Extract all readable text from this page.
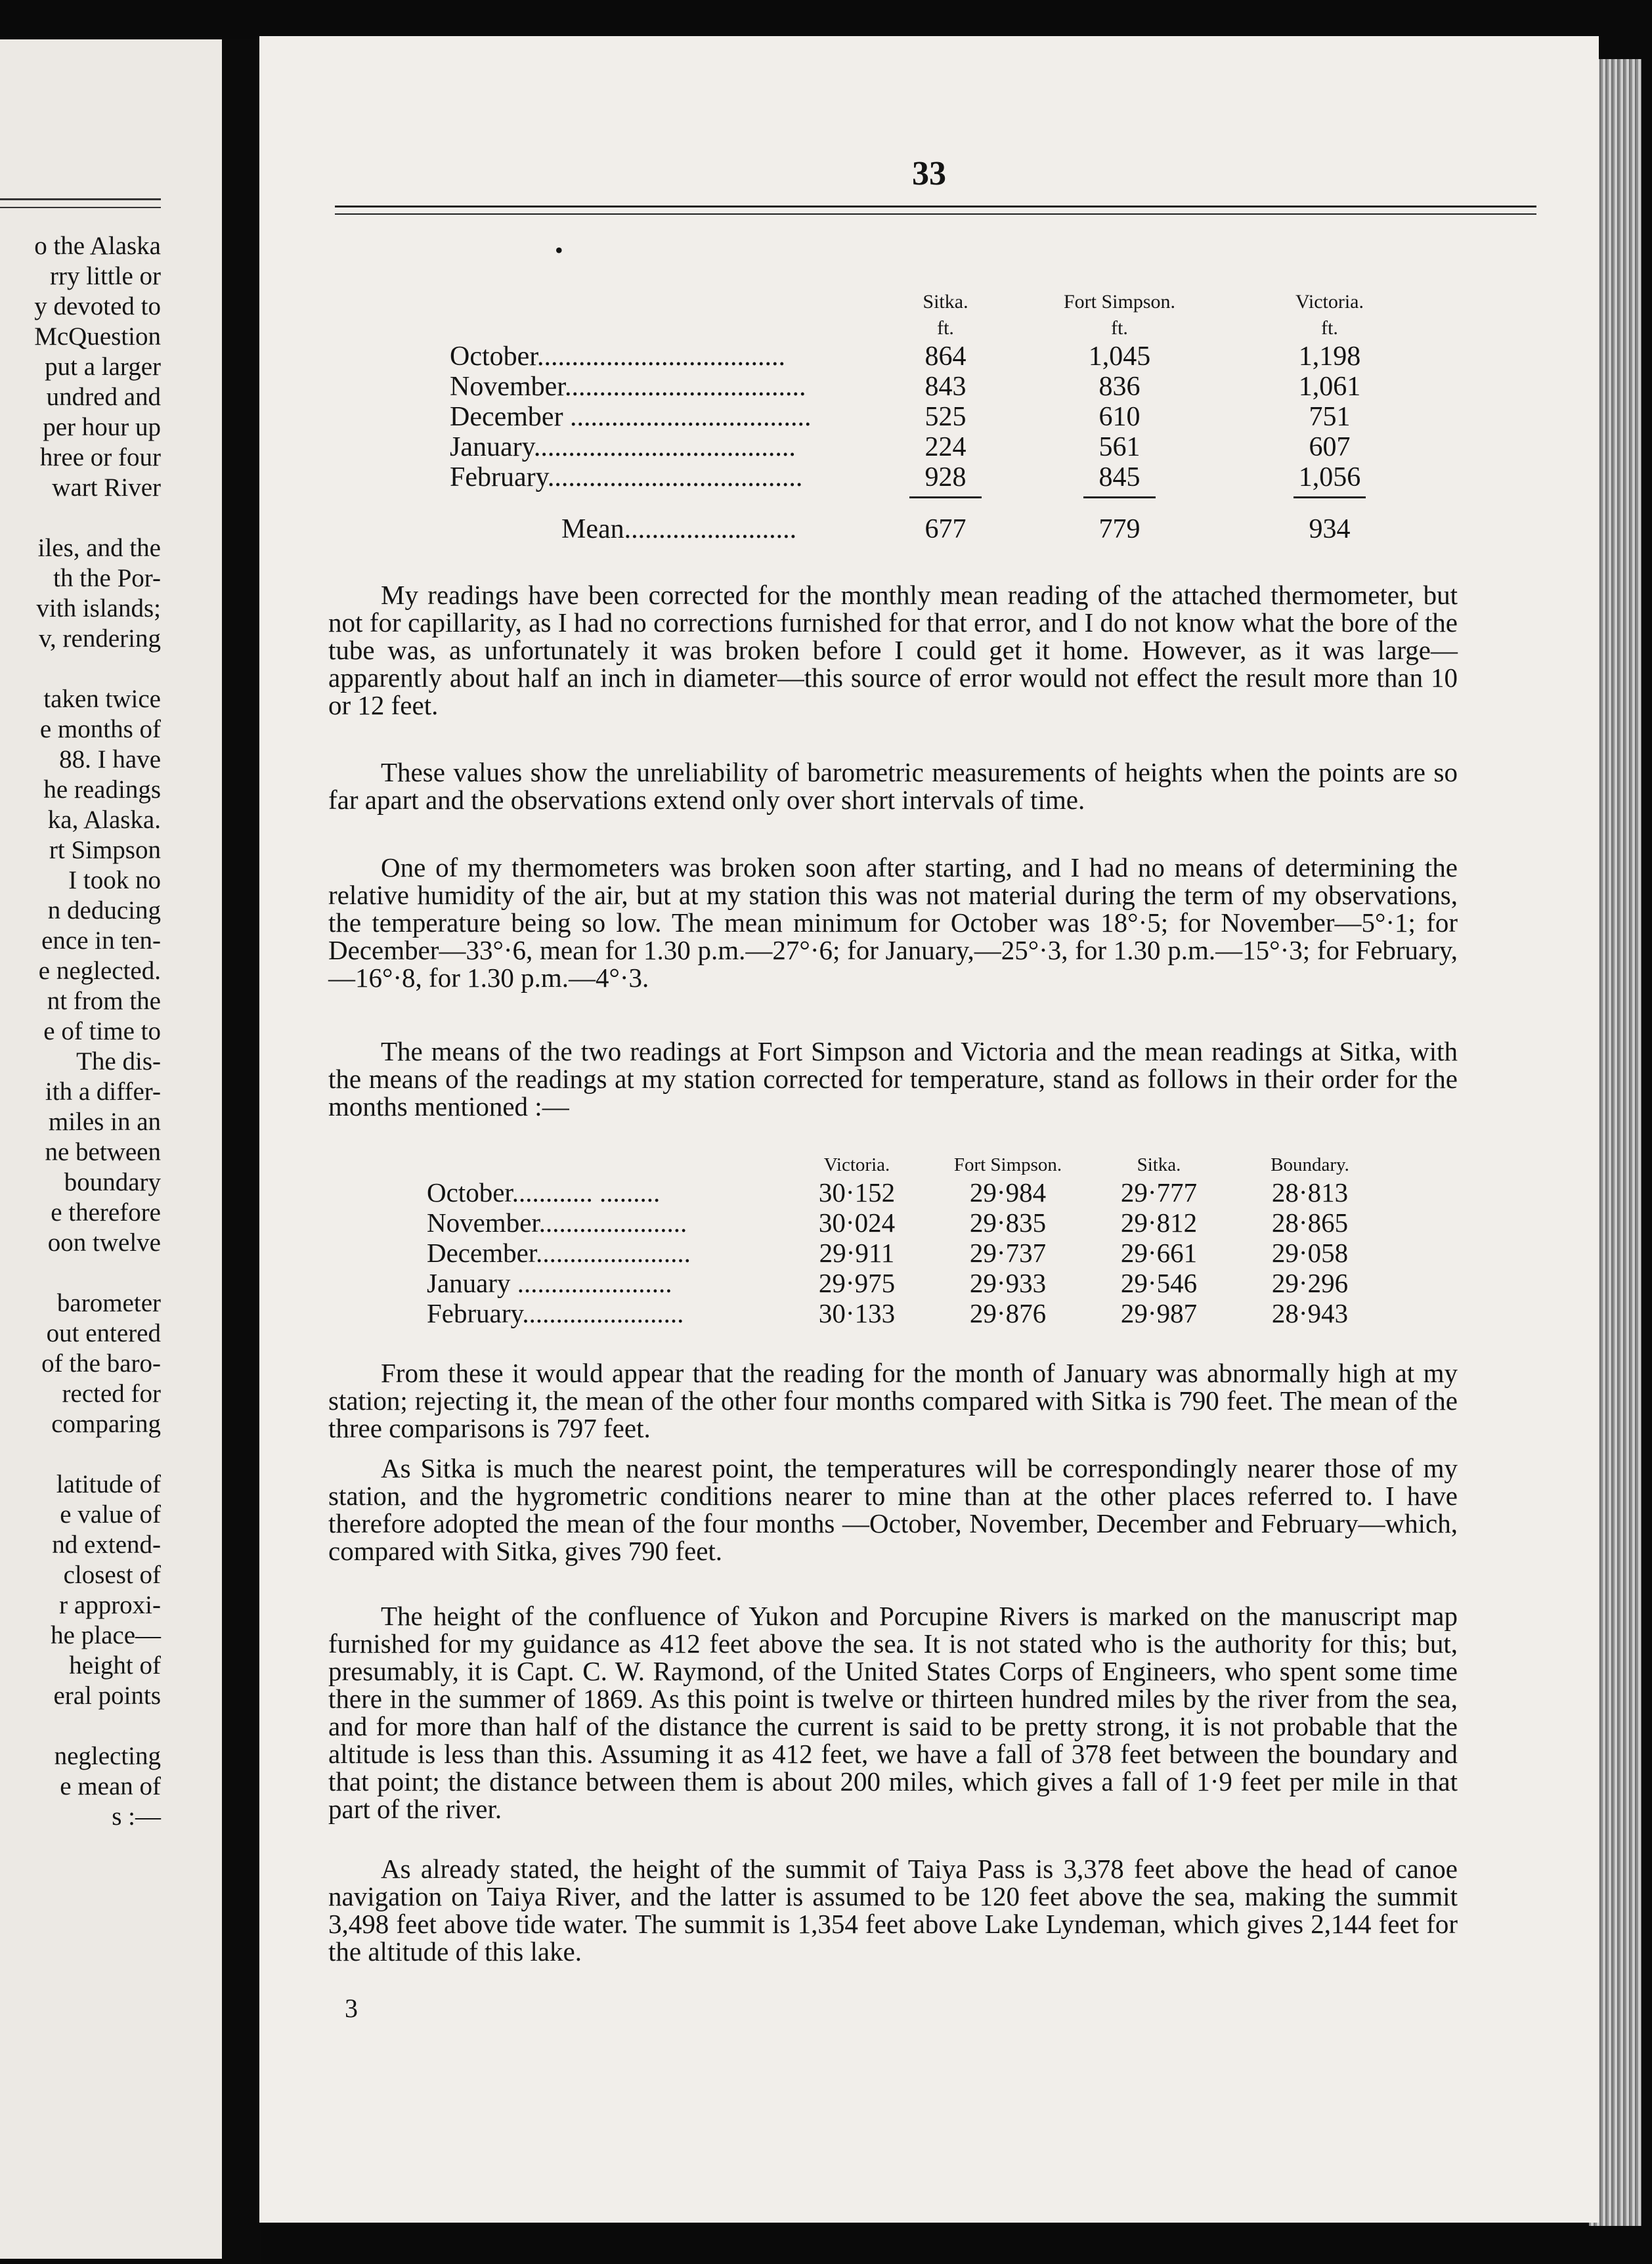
o the Alaska
rry little or
y devoted to
McQuestion
put a larger
undred and
per hour up
hree or four
wart River

iles, and the
th the Por-
vith islands;
v, rendering

taken twice
e months of
88. I have
he readings
ka, Alaska.
rt Simpson
I took no
n deducing
ence in ten-
e neglected.
nt from the
e of time to
The dis-
ith a differ-
miles in an
ne between
boundary
e therefore
oon twelve

barometer
out entered
of the baro-
rected for
comparing

latitude of
e value of
nd extend-
closest of
r approxi-
he place—
height of
eral points

neglecting
e mean of
s :—
33
•
	Sitka.	Fort Simpson.	Victoria.
	ft.	ft.	ft.
October....................................	864	1,045	1,198
November...................................	843	836	1,061
December ...................................	525	610	751
January......................................	224	561	607
February.....................................	928	845	1,056

Mean.........................	677	779	934
My readings have been corrected for the monthly mean reading of the attached thermometer, but not for capillarity, as I had no corrections furnished for that error, and I do not know what the bore of the tube was, as unfortunately it was broken before I could get it home. However, as it was large—apparently about half an inch in diameter—this source of error would not effect the result more than 10 or 12 feet.
These values show the unreliability of barometric measurements of heights when the points are so far apart and the observations extend only over short intervals of time.
One of my thermometers was broken soon after starting, and I had no means of determining the relative humidity of the air, but at my station this was not material during the term of my observations, the temperature being so low. The mean minimum for October was 18°·5; for November—5°·1; for December—33°·6, mean for 1.30 p.m.—27°·6; for January,—25°·3, for 1.30 p.m.—15°·3; for February, —16°·8, for 1.30 p.m.—4°·3.
The means of the two readings at Fort Simpson and Victoria and the mean readings at Sitka, with the means of the readings at my station corrected for temperature, stand as follows in their order for the months mentioned :—
	Victoria.	Fort Simpson.	Sitka.	Boundary.
October............ .........	30·152	29·984	29·777	28·813
November......................	30·024	29·835	29·812	28·865
December.......................	29·911	29·737	29·661	29·058
January .......................	29·975	29·933	29·546	29·296
February........................	30·133	29·876	29·987	28·943
From these it would appear that the reading for the month of January was abnormally high at my station; rejecting it, the mean of the other four months compared with Sitka is 790 feet. The mean of the three comparisons is 797 feet.
As Sitka is much the nearest point, the temperatures will be correspondingly nearer those of my station, and the hygrometric conditions nearer to mine than at the other places referred to. I have therefore adopted the mean of the four months —October, November, December and February—which, compared with Sitka, gives 790 feet.
The height of the confluence of Yukon and Porcupine Rivers is marked on the manuscript map furnished for my guidance as 412 feet above the sea. It is not stated who is the authority for this; but, presumably, it is Capt. C. W. Raymond, of the United States Corps of Engineers, who spent some time there in the summer of 1869. As this point is twelve or thirteen hundred miles by the river from the sea, and for more than half of the distance the current is said to be pretty strong, it is not probable that the altitude is less than this. Assuming it as 412 feet, we have a fall of 378 feet between the boundary and that point; the distance between them is about 200 miles, which gives a fall of 1·9 feet per mile in that part of the river.
As already stated, the height of the summit of Taiya Pass is 3,378 feet above the head of canoe navigation on Taiya River, and the latter is assumed to be 120 feet above the sea, making the summit 3,498 feet above tide water. The summit is 1,354 feet above Lake Lyndeman, which gives 2,144 feet for the altitude of this lake.
3
